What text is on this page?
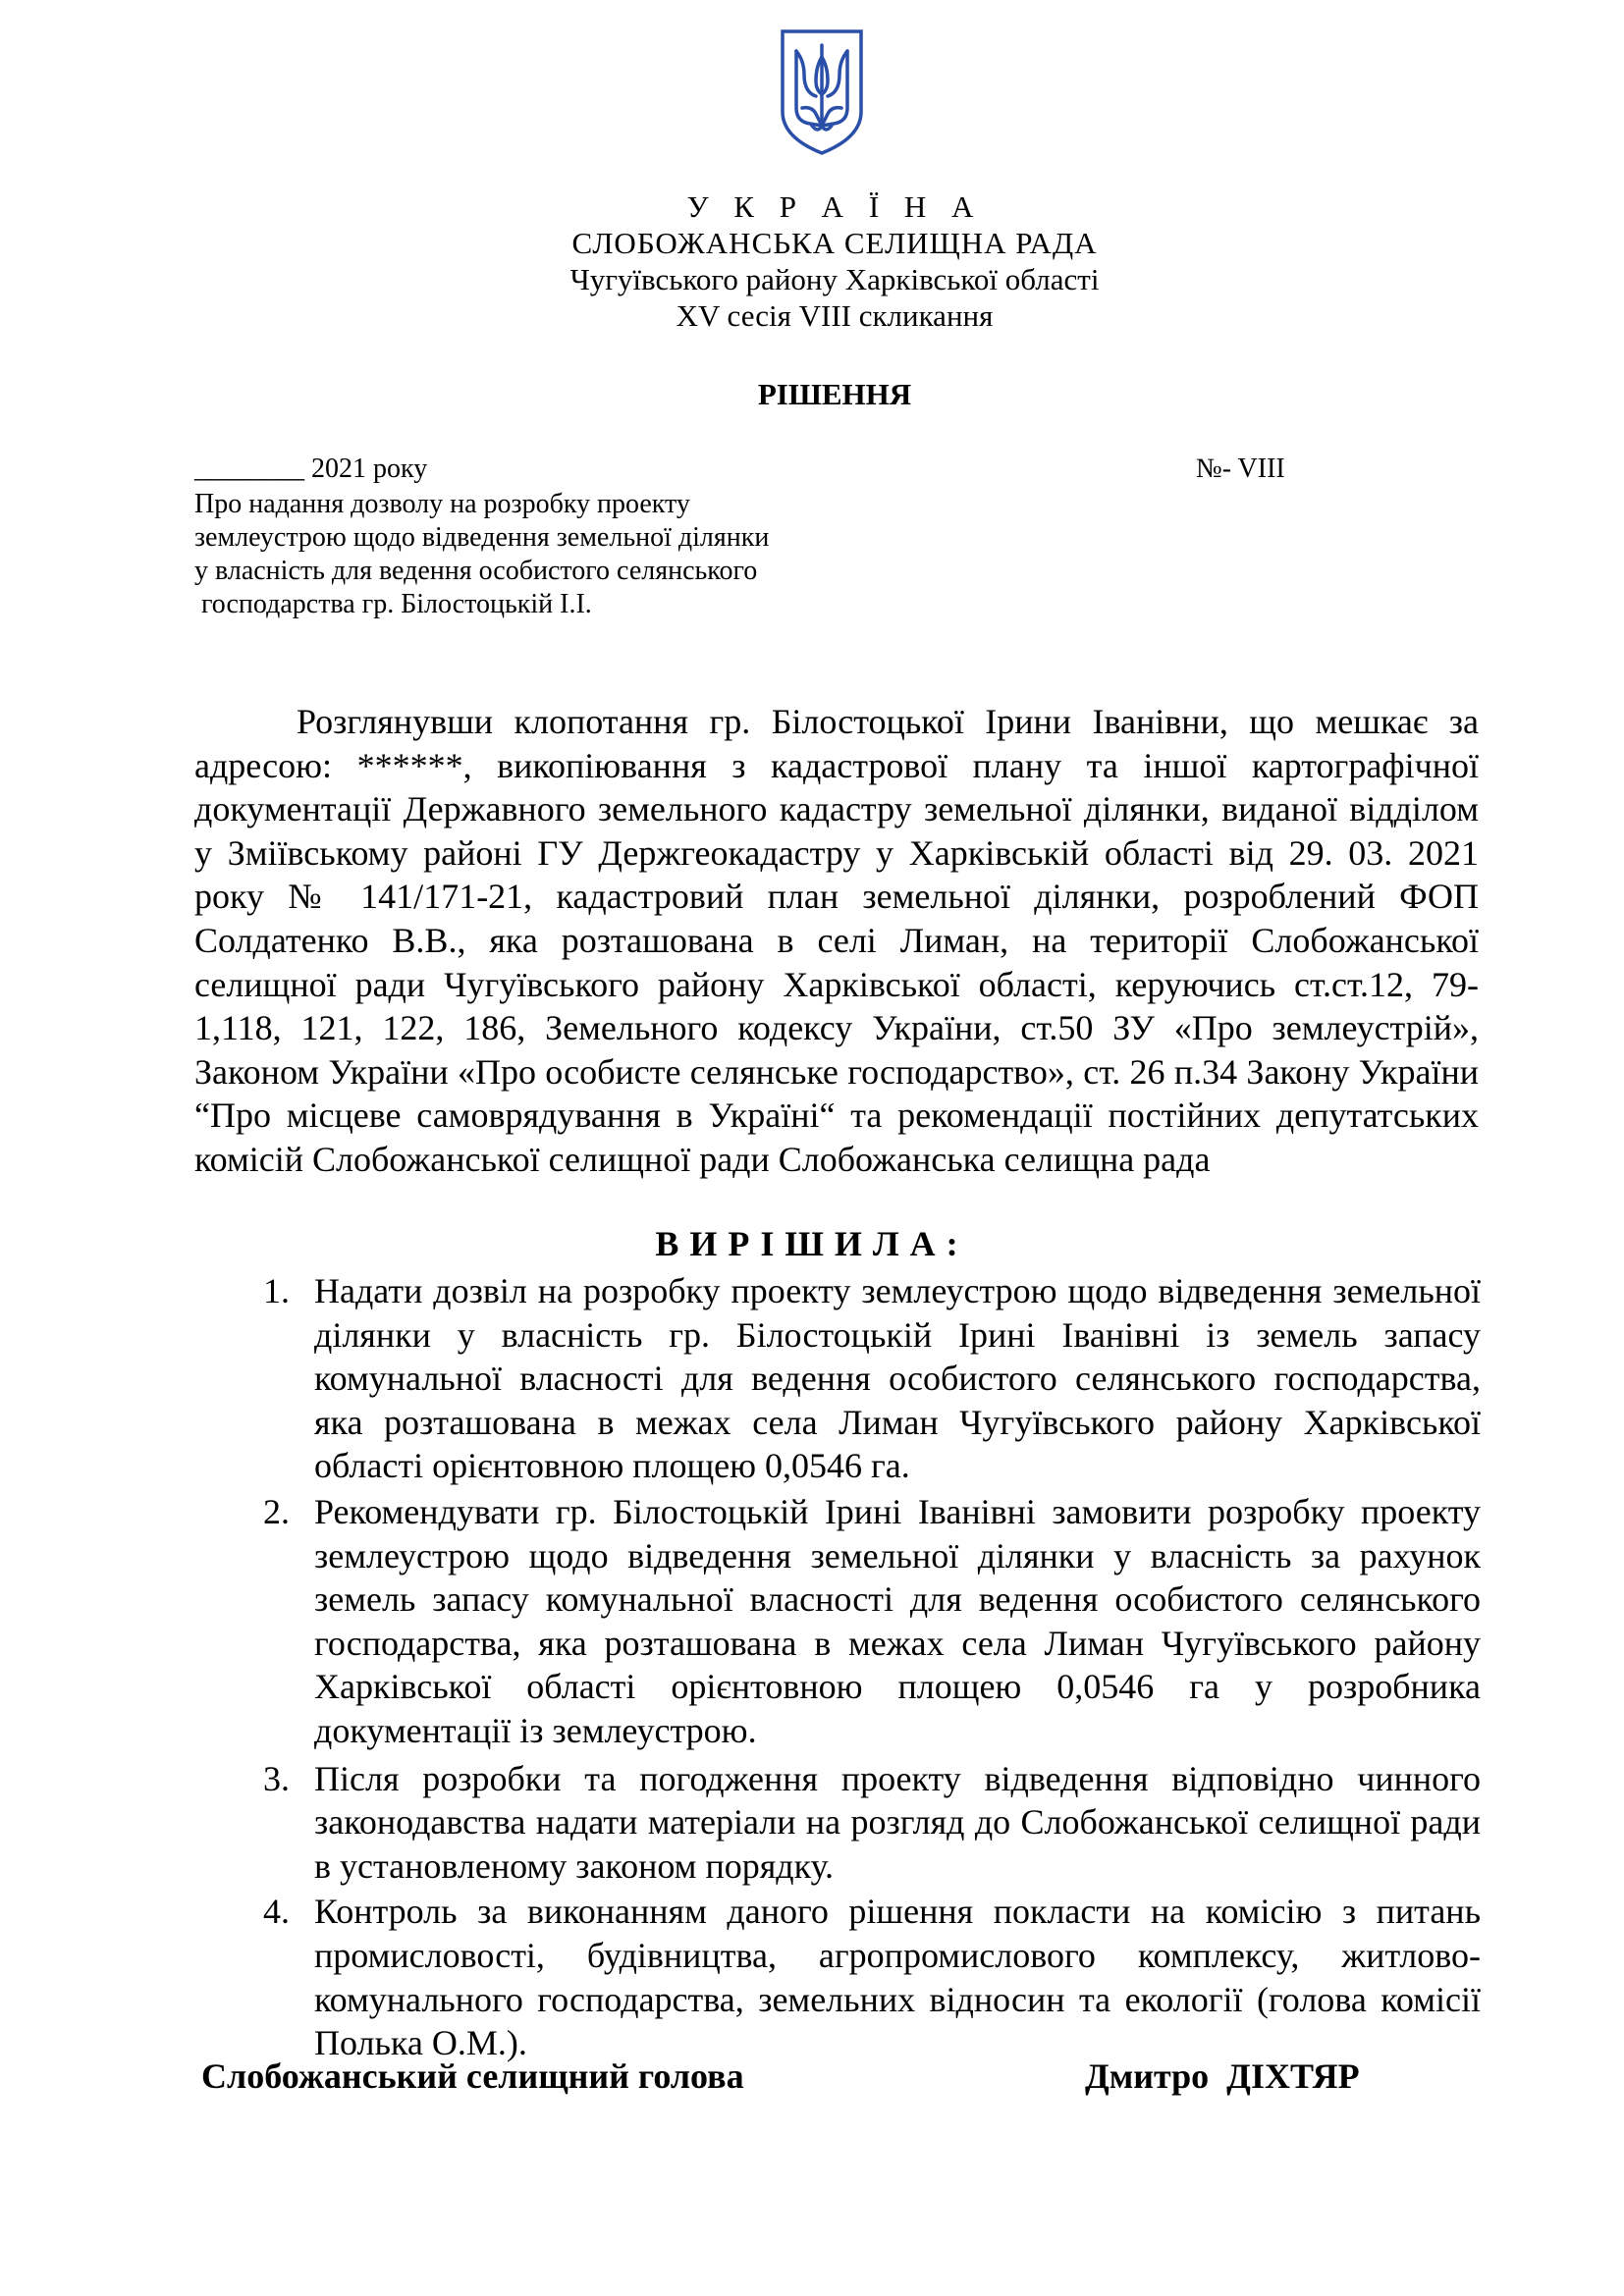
У К Р А Ї Н А
СЛОБОЖАНСЬКА СЕЛИЩНА РАДА
Чугуївського району Харківської області
XV сесія VIII скликання
РІШЕННЯ
________ 2021 року	№- VIII
Про надання дозволу на розробку проекту
землеустрою щодо відведення земельної ділянки
у власність для ведення особистого селянського
господарства гр. Білостоцькій І.І.

Розглянувши клопотання гр. Білостоцької Ірини Іванівни, що мешкає за адресою: ******, викопіювання з кадастрової плану та іншої картографічної документації Державного земельного кадастру земельної ділянки, виданої відділом у Зміївському районі ГУ Держгеокадастру у Харківській області від 29. 03. 2021 року № 141/171-21, кадастровий план земельної ділянки, розроблений ФОП Солдатенко В.В., яка розташована в селі Лиман, на території Слобожанської селищної ради Чугуївського району Харківської області, керуючись ст.ст.12, 79-1,118, 121, 122, 186, Земельного кодексу України, ст.50 ЗУ «Про землеустрій», Законом України «Про особисте селянське господарство», ст. 26 п.34 Закону України “Про місцеве самоврядування в Україні“ та рекомендації постійних депутатських комісій Слобожанської селищної ради Слобожанська селищна рада

ВИРІШИЛА:
1. Надати дозвіл на розробку проекту землеустрою щодо відведення земельної ділянки у власність гр. Білостоцькій Ірині Іванівні із земель запасу комунальної власності для ведення особистого селянського господарства, яка розташована в межах села Лиман Чугуївського району Харківської області орієнтовною площею 0,0546 га.
2. Рекомендувати гр. Білостоцькій Ірині Іванівні замовити розробку проекту землеустрою щодо відведення земельної ділянки у власність за рахунок земель запасу комунальної власності для ведення особистого селянського господарства, яка розташована в межах села Лиман Чугуївського району Харківської області орієнтовною площею 0,0546 га у розробника документації із землеустрою.
3. Після розробки та погодження проекту відведення відповідно чинного законодавства надати матеріали на розгляд до Слобожанської селищної ради в установленому законом порядку.
4. Контроль за виконанням даного рішення покласти на комісію з питань промисловості, будівництва, агропромислового комплексу, житлово-комунального господарства, земельних відносин та екології (голова комісії Полька О.М.).
Слобожанський селищний голова	Дмитро  ДІХТЯР
